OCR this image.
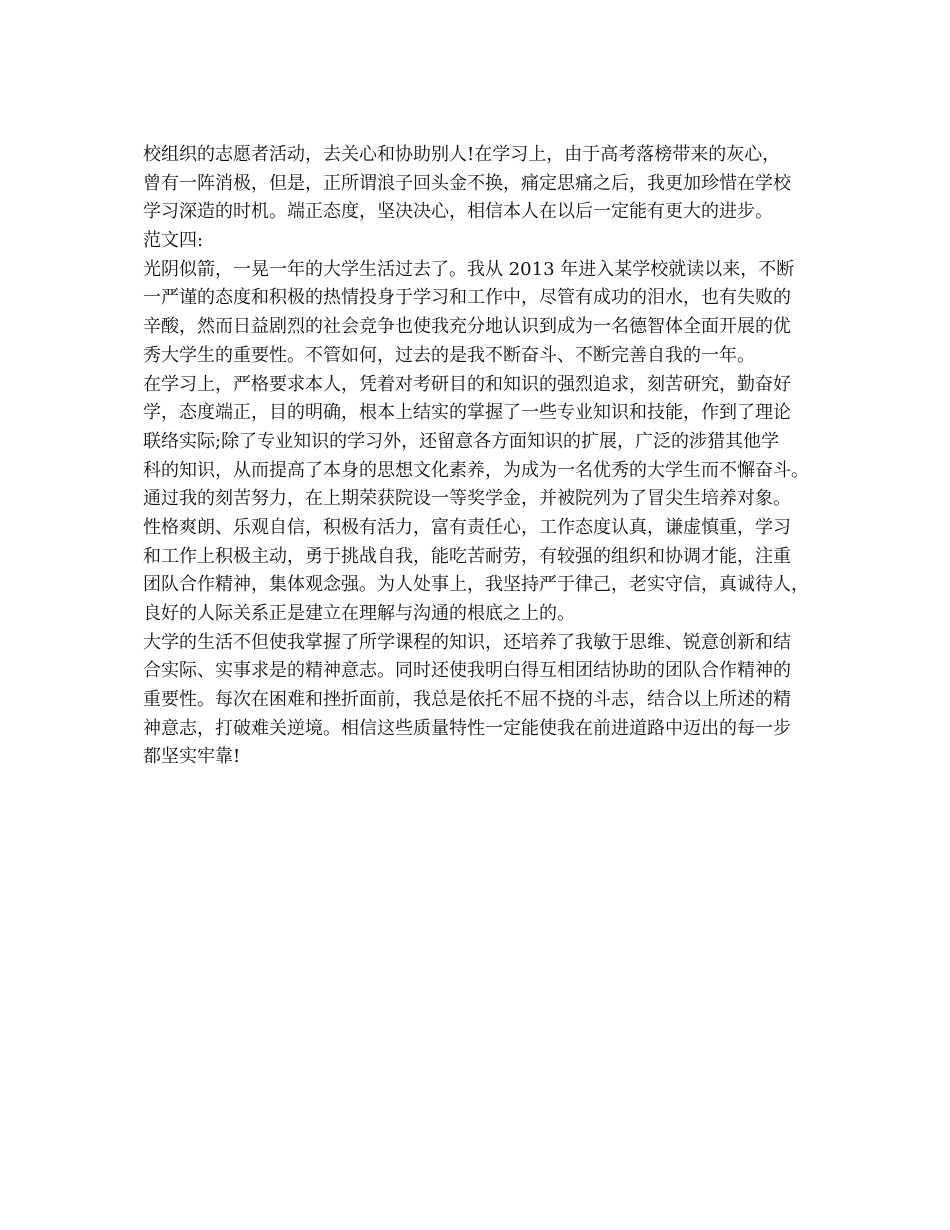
校组织的志愿者活动，去关心和协助别人!在学习上，由于高考落榜带来的灰心，
曾有一阵消极，但是，正所谓浪子回头金不换，痛定思痛之后，我更加珍惜在学校
学习深造的时机。端正态度，坚决决心，相信本人在以后一定能有更大的进步。
范文四:
光阴似箭，一晃一年的大学生活过去了。我从 2013 年进入某学校就读以来，不断
一严谨的态度和积极的热情投身于学习和工作中，尽管有成功的泪水，也有失败的
辛酸，然而日益剧烈的社会竞争也使我充分地认识到成为一名德智体全面开展的优
秀大学生的重要性。不管如何，过去的是我不断奋斗、不断完善自我的一年。
在学习上，严格要求本人，凭着对考研目的和知识的强烈追求，刻苦研究，勤奋好
学，态度端正，目的明确，根本上结实的掌握了一些专业知识和技能，作到了理论
联络实际;除了专业知识的学习外，还留意各方面知识的扩展，广泛的涉猎其他学
科的知识，从而提高了本身的思想文化素养，为成为一名优秀的大学生而不懈奋斗。
通过我的刻苦努力，在上期荣获院设一等奖学金，并被院列为了冒尖生培养对象。
性格爽朗、乐观自信，积极有活力，富有责任心，工作态度认真，谦虚慎重，学习
和工作上积极主动，勇于挑战自我，能吃苦耐劳，有较强的组织和协调才能，注重
团队合作精神，集体观念强。为人处事上，我坚持严于律己，老实守信，真诚待人，
良好的人际关系正是建立在理解与沟通的根底之上的。
大学的生活不但使我掌握了所学课程的知识，还培养了我敏于思维、锐意创新和结
合实际、实事求是的精神意志。同时还使我明白得互相团结协助的团队合作精神的
重要性。每次在困难和挫折面前，我总是依托不屈不挠的斗志，结合以上所述的精
神意志，打破难关逆境。相信这些质量特性一定能使我在前进道路中迈出的每一步
都坚实牢靠!
